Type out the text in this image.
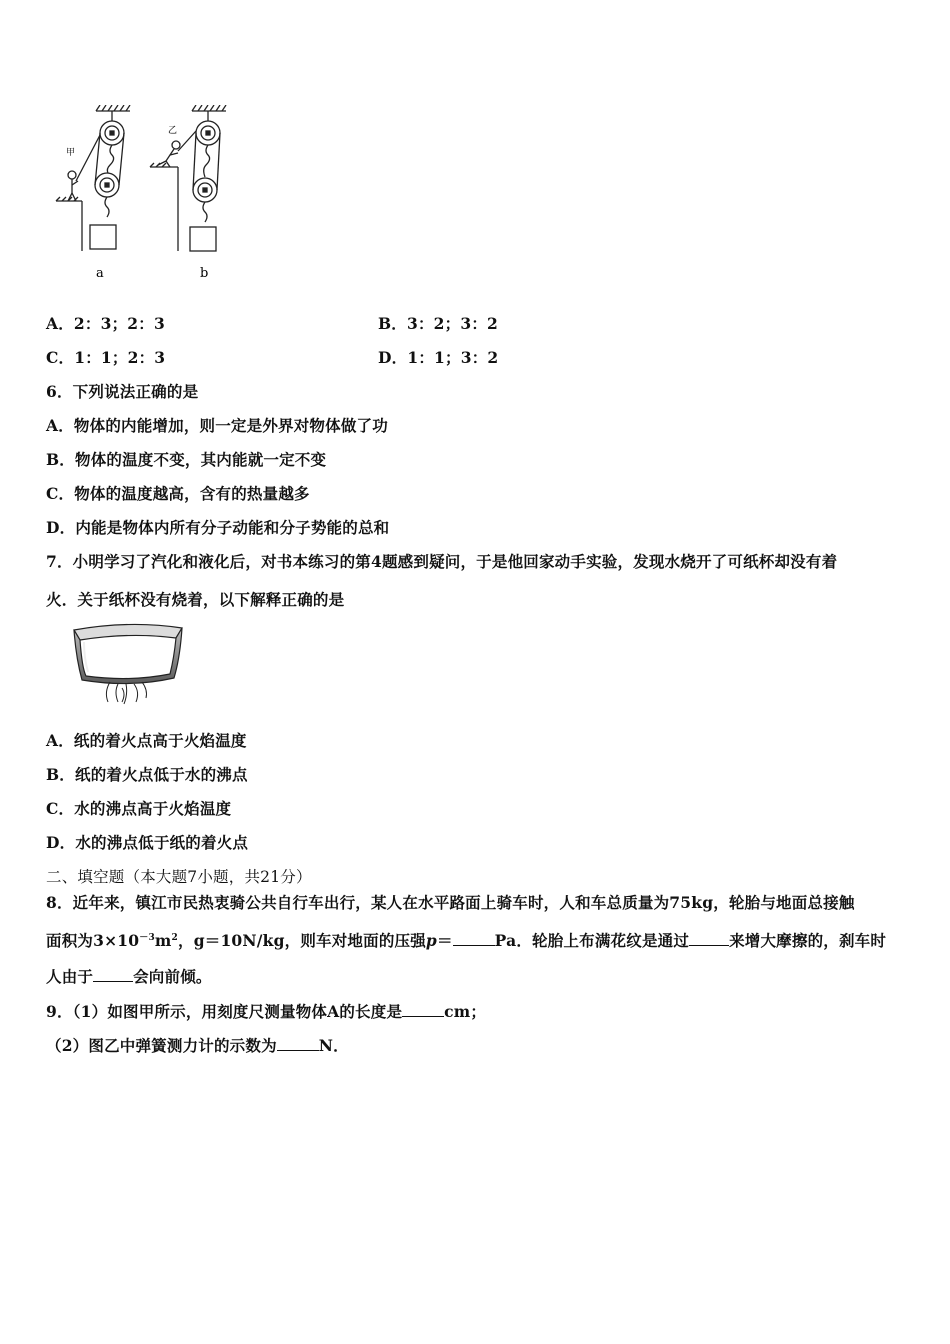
甲
乙
a	b
A．2：3；2：3	B．3：2；3：2
C．1：1；2：3	D．1：1；3：2
6．下列说法正确的是
A．物体的内能增加，则一定是外界对物体做了功
B．物体的温度不变，其内能就一定不变
C．物体的温度越高，含有的热量越多
D．内能是物体内所有分子动能和分子势能的总和
7．小明学习了汽化和液化后，对书本练习的第4题感到疑问，于是他回家动手实验，发现水烧开了可纸杯却没有着
火．关于纸杯没有烧着，以下解释正确的是
A．纸的着火点高于火焰温度
B．纸的着火点低于水的沸点
C．水的沸点高于火焰温度
D．水的沸点低于纸的着火点
二、填空题（本大题7小题，共21分）
8．近年来，镇江市民热衷骑公共自行车出行，某人在水平路面上骑车时，人和车总质量为75kg，轮胎与地面总接触
面积为$3\times 10^{-3}m^2$，g＝10N/kg，则车对地面的压强p＝	Pa．轮胎上布满花纹是通过	来增大摩擦的，刹车时
人由于	会向前倾。
9．（1）如图甲所示，用刻度尺测量物体A的长度是	cm；
（2）图乙中弹簧测力计的示数为	N．
